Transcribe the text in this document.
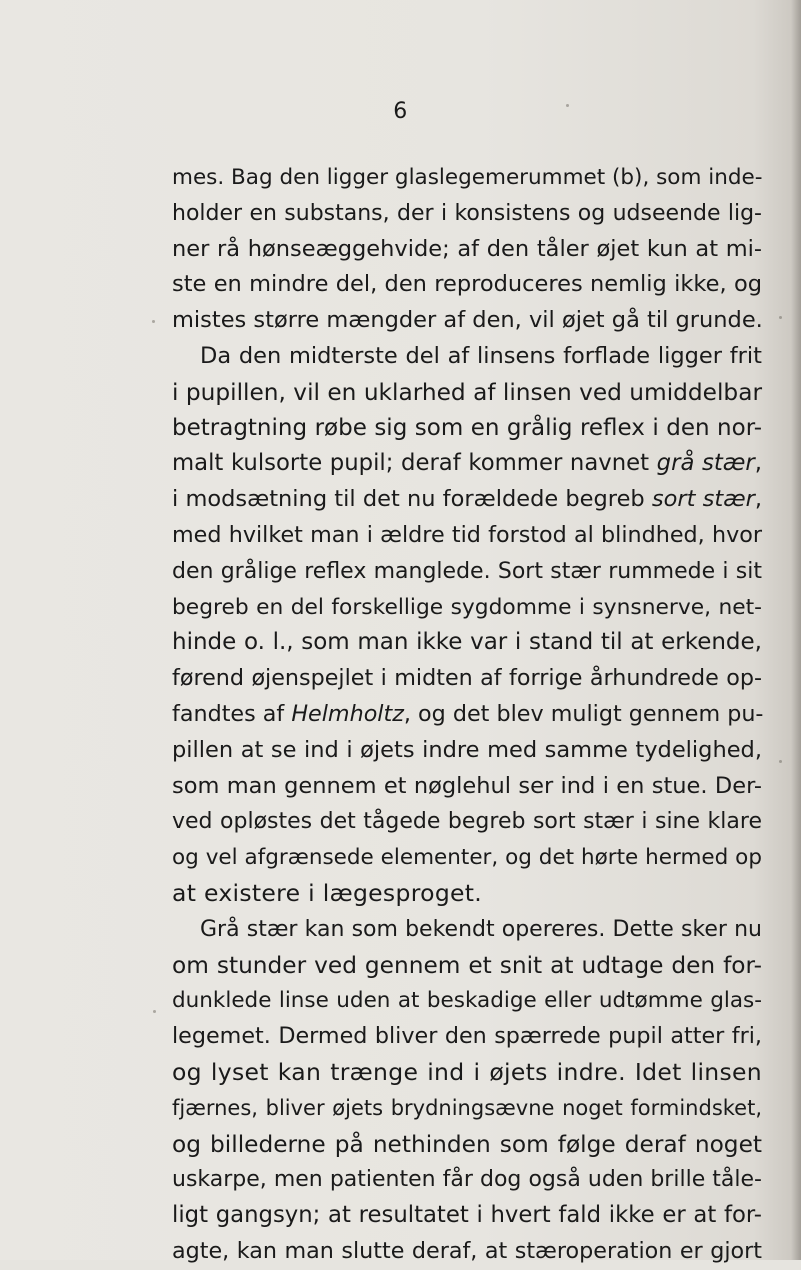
6
mes. Bag den ligger glaslegemerummet (b), som inde-
holder en substans, der i konsistens og udseende lig-
ner rå hønseæggehvide; af den tåler øjet kun at mi-
ste en mindre del, den reproduceres nemlig ikke, og
mistes større mængder af den, vil øjet gå til grunde.
Da den midterste del af linsens forflade ligger frit
i pupillen, vil en uklarhed af linsen ved umiddelbar
betragtning røbe sig som en grålig reflex i den nor-
malt kulsorte pupil; deraf kommer navnet grå stær,
i modsætning til det nu forældede begreb sort stær,
med hvilket man i ældre tid forstod al blindhed, hvor
den grålige reflex manglede. Sort stær rummede i sit
begreb en del forskellige sygdomme i synsnerve, net-
hinde o. l., som man ikke var i stand til at erkende,
førend øjenspejlet i midten af forrige århundrede op-
fandtes af Helmholtz, og det blev muligt gennem pu-
pillen at se ind i øjets indre med samme tydelighed,
som man gennem et nøglehul ser ind i en stue. Der-
ved opløstes det tågede begreb sort stær i sine klare
og vel afgrænsede elementer, og det hørte hermed op
at existere i lægesproget.
Grå stær kan som bekendt opereres. Dette sker nu
om stunder ved gennem et snit at udtage den for-
dunklede linse uden at beskadige eller udtømme glas-
legemet. Dermed bliver den spærrede pupil atter fri,
og lyset kan trænge ind i øjets indre. Idet linsen
fjærnes, bliver øjets brydningsævne noget formindsket,
og billederne på nethinden som følge deraf noget
uskarpe, men patienten får dog også uden brille tåle-
ligt gangsyn; at resultatet i hvert fald ikke er at for-
agte, kan man slutte deraf, at stæroperation er gjort
